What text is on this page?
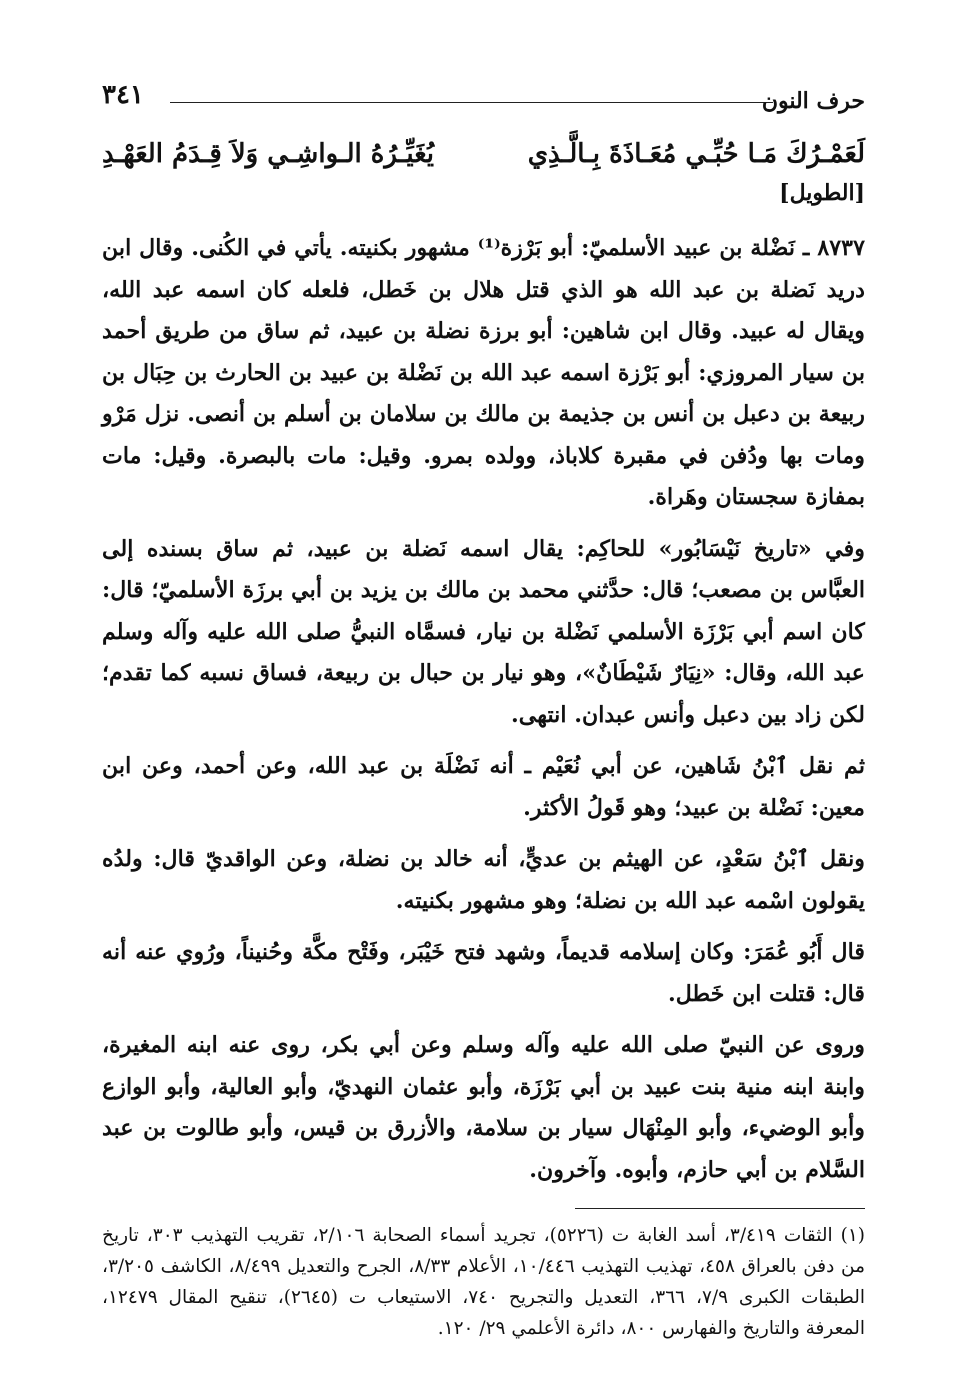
٣٤١	حرف النون
لَعَمْـرُكَ مَـا حُبِّـي مُعَـاذَةَ بِـالَّـذِي
يُغَيِّـرُهُ الـواشِـي وَلاَ قِـدَمُ العَهْـدِ
[الطويل]

٨٧٣٧ ـ نَضْلة بن عبيد الأسلميّ: أبو بَرْزة⁽¹⁾ مشهور بكنيته. يأتي في الكُنى. وقال ابن دريد نَضلة بن عبد الله هو الذي قتل هلال بن خَطل، فلعله كان اسمه عبد الله، ويقال له عبيد. وقال ابن شاهين: أبو برزة نضلة بن عبيد، ثم ساق من طريق أحمد بن سيار المروزي: أبو بَرْزة اسمه عبد الله بن نَضْلة بن عبيد بن الحارث بن حِبَال بن ربيعة بن دعبل بن أنس بن جذيمة بن مالك بن سلامان بن أسلم بن أنصى. نزل مَرْو ومات بها ودُفن في مقبرة كلاباذ، وولده بمرو. وقيل: مات بالبصرة. وقيل: مات بمفازة سجستان وهَراة.

وفي «تاريخ نَيْسَابُور» للحاكِم: يقال اسمه نَضلة بن عبيد، ثم ساق بسنده إلى العبَّاس بن مصعب؛ قال: حدَّثني محمد بن مالك بن يزيد بن أبي برزَة الأسلميّ؛ قال: كان اسم أبي بَرْزَة الأسلمي نَضْلة بن نيار، فسمَّاه النبيُّ صلى الله عليه وآله وسلم عبد الله، وقال: «نِيَارٌ شَيْطَانٌ»، وهو نيار بن حبال بن ربيعة، فساق نسبه كما تقدم؛ لكن زاد بين دعبل وأنس عبدان. انتهى.

ثم نقل ٱبْنُ شَاهين، عن أبي نُعَيْم ـ أنه نَضْلَة بن عبد الله، وعن أحمد، وعن ابن معين: نَضْلة بن عبيد؛ وهو قَولُ الأكثر.

ونقل ٱبْنُ سَعْدٍ، عن الهيثم بن عديٍّ، أنه خالد بن نضلة، وعن الواقديّ قال: ولدُه يقولون اسْمه عبد الله بن نضلة؛ وهو مشهور بكنيته.

قال أَبُو عُمَرَ: وكان إسلامه قديماً، وشهد فتح خَيْبَر، وفَتْح مكَّة وحُنيناً، ورُوي عنه أنه قال: قتلت ابن خَطل.

وروى عن النبيّ صلى الله عليه وآله وسلم وعن أبي بكر، روى عنه ابنه المغيرة، وابنة ابنه منية بنت عبيد بن أبي بَرْزَة، وأبو عثمان النهديّ، وأبو العالية، وأبو الوازع وأبو الوضيء، وأبو المِنْهَال سيار بن سلامة، والأزرق بن قيس، وأبو طالوت بن عبد السَّلام بن أبي حازم، وأبوه. وآخرون.

(١) الثقات ٣/٤١٩، أسد الغابة ت (٥٢٢٦)، تجريد أسماء الصحابة ٢/١٠٦، تقريب التهذيب ٣٠٣، تاريخ من دفن بالعراق ٤٥٨، تهذيب التهذيب ١٠/٤٤٦، الأعلام ٨/٣٣، الجرح والتعديل ٨/٤٩٩، الكاشف ٣/٢٠٥، الطبقات الكبرى ٧/٩، ٣٦٦، التعديل والتجريح ٧٤٠، الاستيعاب ت (٢٦٤٥)، تنقيح المقال ١٢٤٧٩، المعرفة والتاريخ والفهارس ٨٠٠، دائرة الأعلمي ٢٩/ ١٢٠.
